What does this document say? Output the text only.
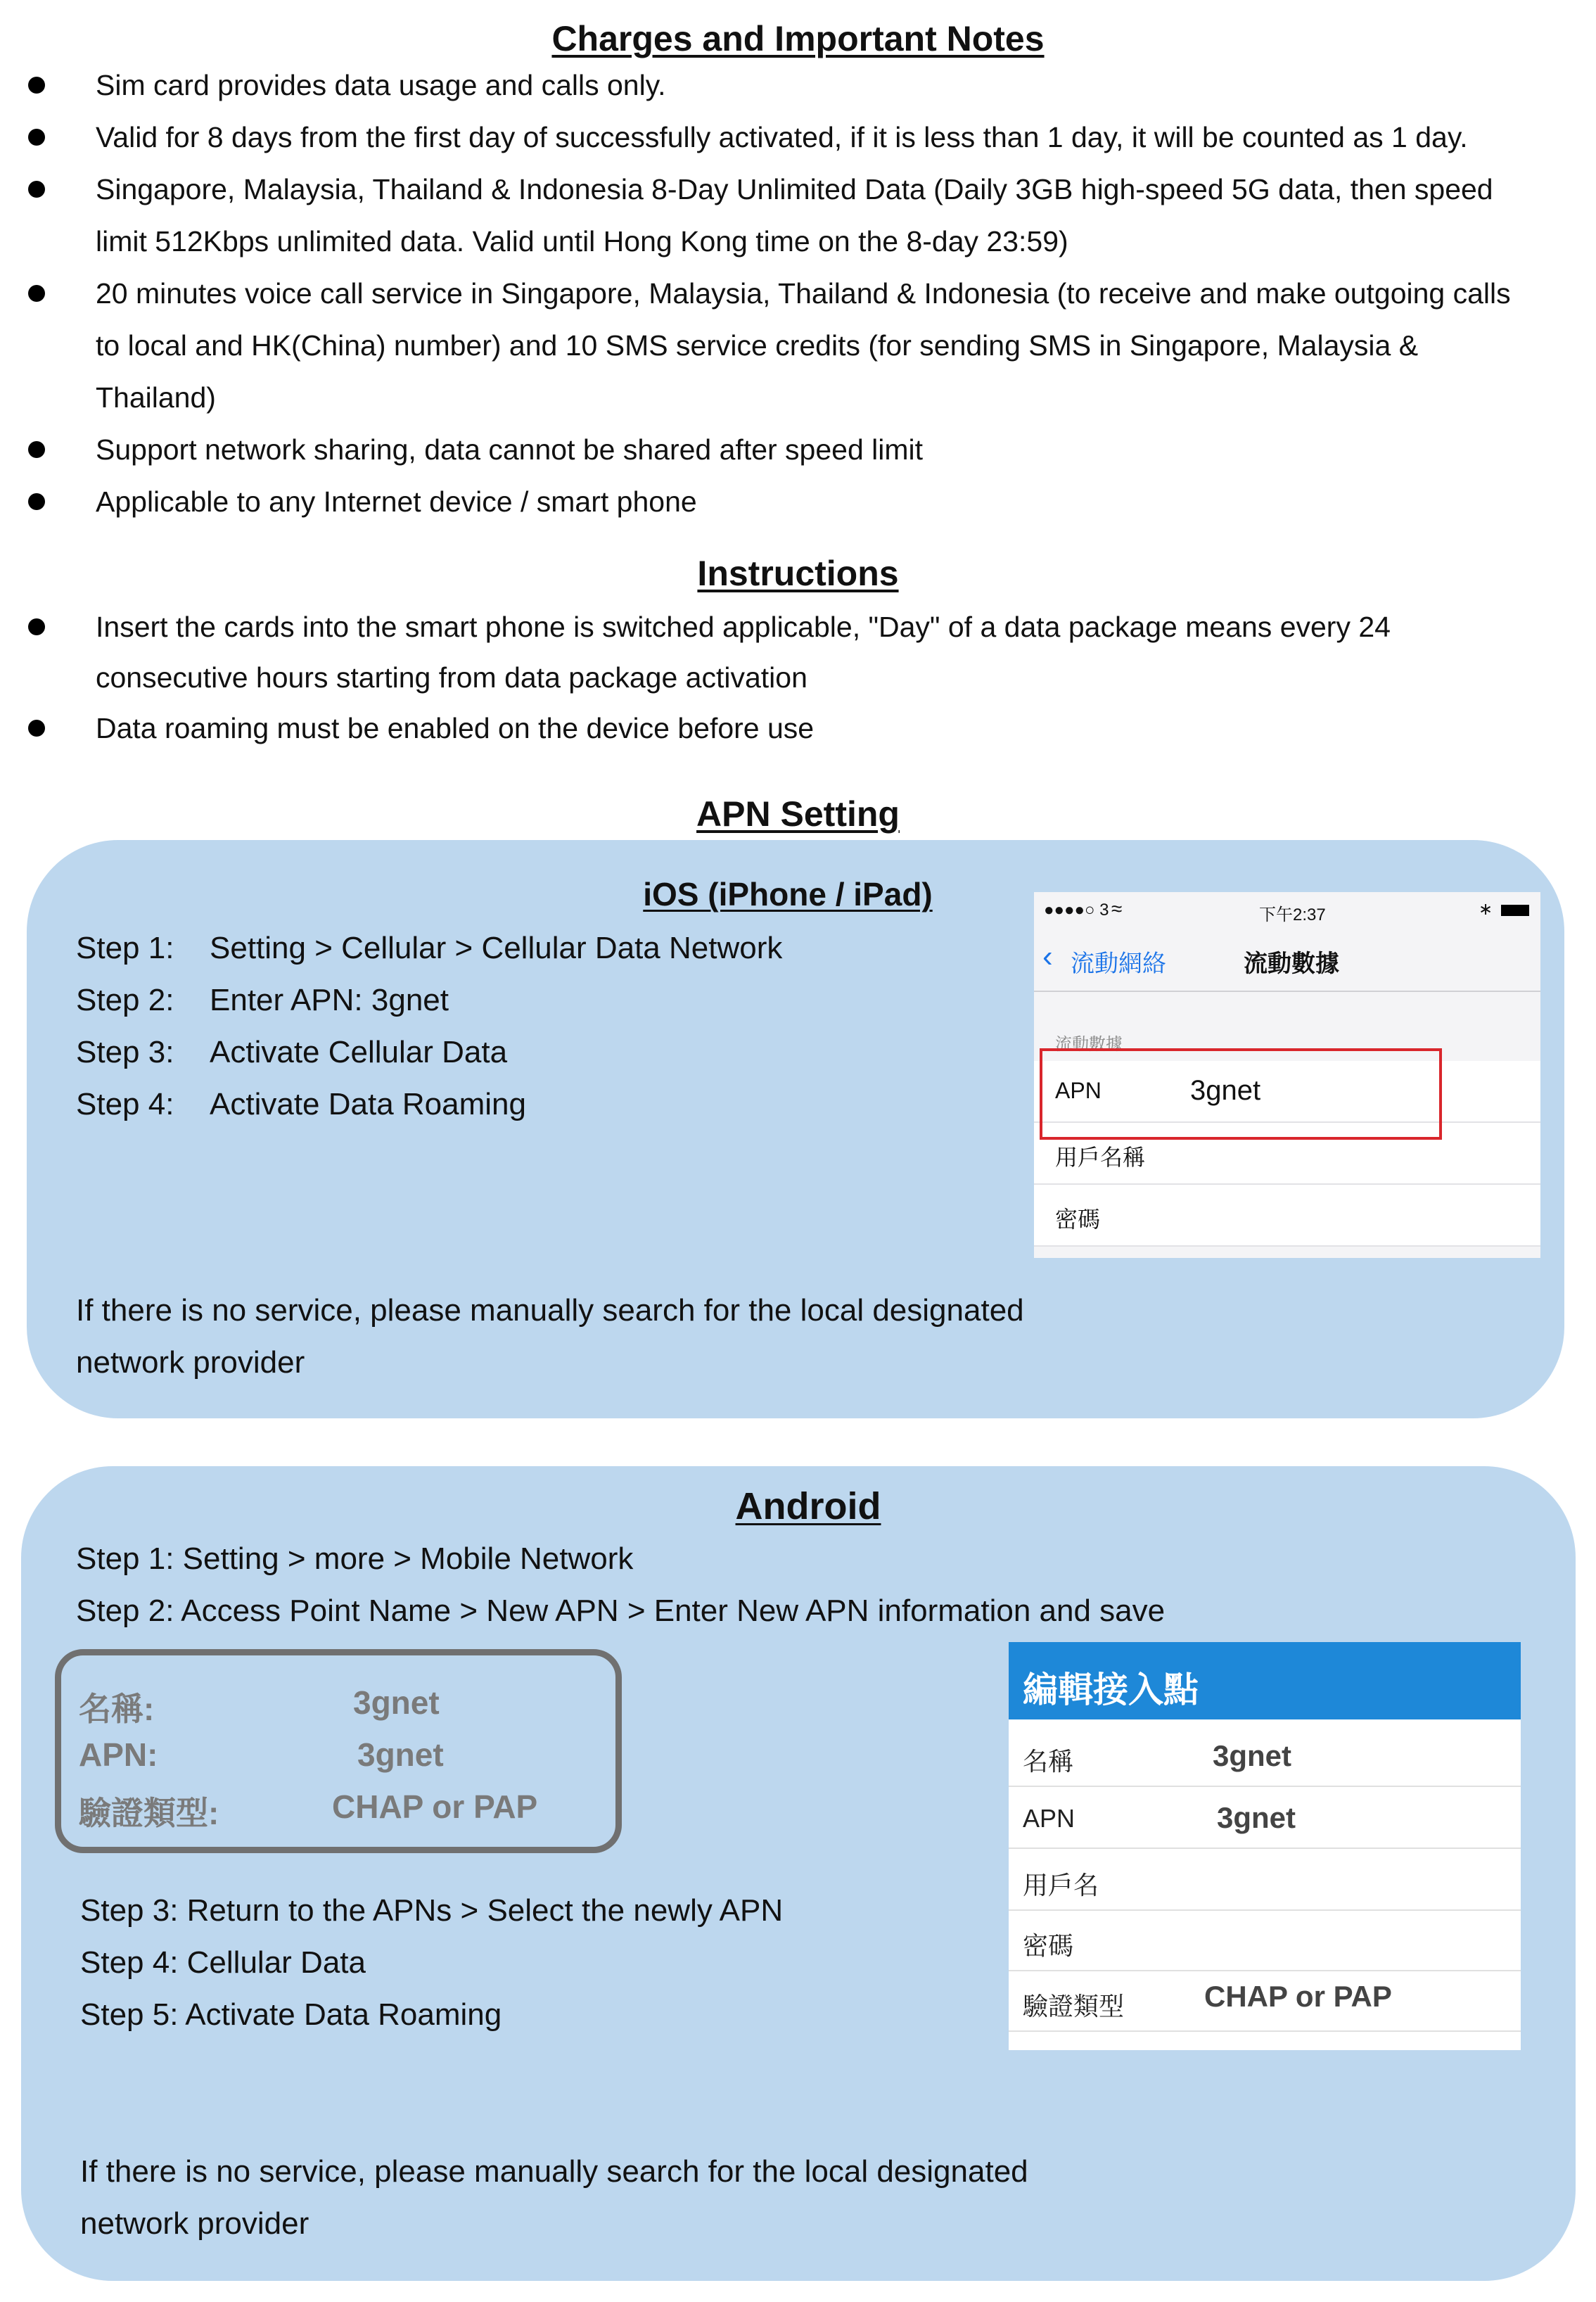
Charges and Important Notes
Sim card provides data usage and calls only.
Valid for 8 days from the first day of successfully activated, if it is less than 1 day, it will be counted as 1 day.
Singapore, Malaysia, Thailand & Indonesia 8-Day Unlimited Data (Daily 3GB high-speed 5G data, then speed limit 512Kbps unlimited data. Valid until Hong Kong time on the 8-day 23:59)
20 minutes voice call service in Singapore, Malaysia, Thailand & Indonesia (to receive and make outgoing calls to local and HK(China) number) and 10 SMS service credits (for sending SMS in Singapore, Malaysia & Thailand)
Support network sharing, data cannot be shared after speed limit
Applicable to any Internet device / smart phone
Instructions
Insert the cards into the smart phone is switched applicable, "Day" of a data package means every 24 consecutive hours starting from data package activation
Data roaming must be enabled on the device before use
APN Setting
iOS (iPhone / iPad)
Step 1: Setting > Cellular > Cellular Data Network
Step 2: Enter APN: 3gnet
Step 3: Activate Cellular Data
Step 4: Activate Data Roaming
If there is no service, please manually search for the local designated network provider
●●●●○ 3 ≈	下午2:37	∗
‹ 流動網絡	流動數據
流動數據
APN	3gnet
用戶名稱
密碼
Android
Step 1: Setting > more > Mobile Network
Step 2: Access Point Name > New APN > Enter New APN information and save
名稱:	3gnet
APN:	3gnet
驗證類型:	CHAP or PAP
Step 3: Return to the APNs > Select the newly APN
Step 4: Cellular Data
Step 5: Activate Data Roaming
If there is no service, please manually search for the local designated network provider
編輯接入點
名稱	3gnet
APN	3gnet
用戶名
密碼
驗證類型	CHAP or PAP
